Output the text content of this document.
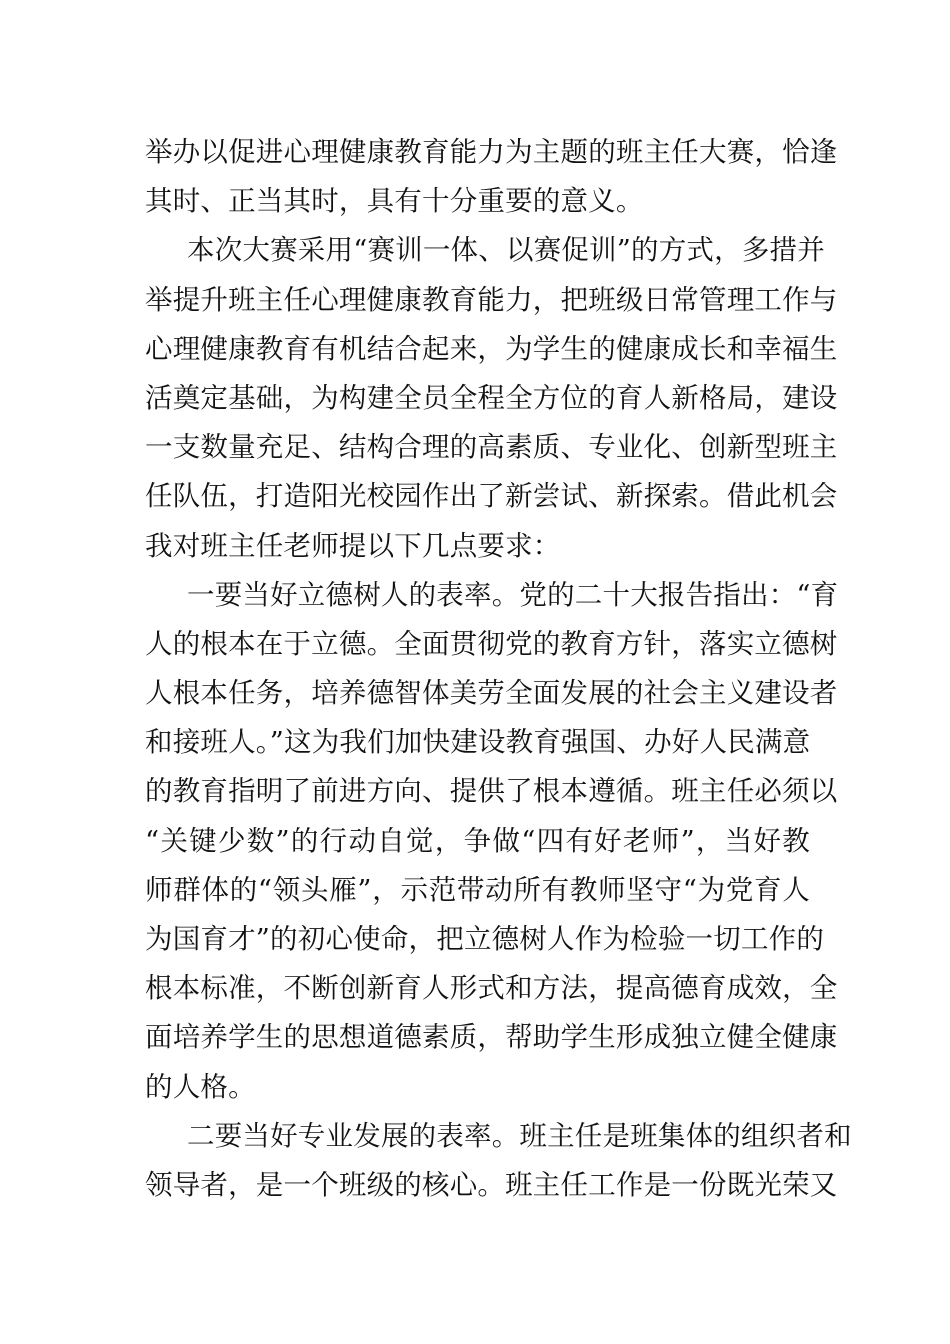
举办以促进心理健康教育能力为主题的班主任大赛，恰逢
其时、正当其时，具有十分重要的意义。
本次大赛采用“赛训一体、以赛促训”的方式，多措并
举提升班主任心理健康教育能力，把班级日常管理工作与
心理健康教育有机结合起来，为学生的健康成长和幸福生
活奠定基础，为构建全员全程全方位的育人新格局，建设
一支数量充足、结构合理的高素质、专业化、创新型班主
任队伍，打造阳光校园作出了新尝试、新探索。借此机会
我对班主任老师提以下几点要求：
一要当好立德树人的表率。党的二十大报告指出：“育
人的根本在于立德。全面贯彻党的教育方针，落实立德树
人根本任务，培养德智体美劳全面发展的社会主义建设者
和接班人。”这为我们加快建设教育强国、办好人民满意
的教育指明了前进方向、提供了根本遵循。班主任必须以
“关键少数”的行动自觉，争做“四有好老师”，当好教
师群体的“领头雁”，示范带动所有教师坚守“为党育人
为国育才”的初心使命，把立德树人作为检验一切工作的
根本标准，不断创新育人形式和方法，提高德育成效，全
面培养学生的思想道德素质，帮助学生形成独立健全健康
的人格。
二要当好专业发展的表率。班主任是班集体的组织者和
领导者，是一个班级的核心。班主任工作是一份既光荣又
